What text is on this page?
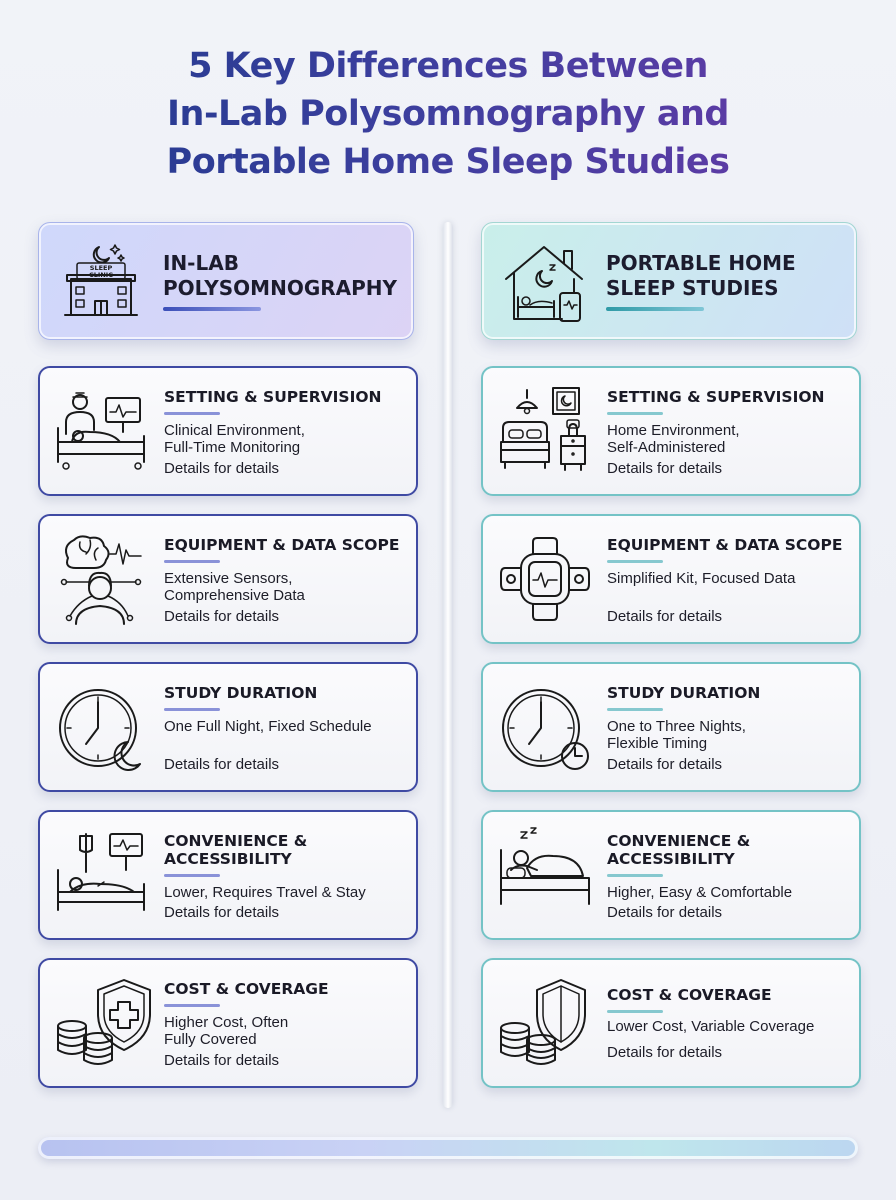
5 Key Differences Between
In-Lab Polysomnography and
Portable Home Sleep Studies
SLEEP
CLINIC	IN-LAB
POLYSOMNOGRAPHY
SETTING & SUPERVISION
Clinical Environment,
Full-Time Monitoring
Details for details
EQUIPMENT & DATA SCOPE
Extensive Sensors,
Comprehensive Data
Details for details
STUDY DURATION
One Full Night, Fixed Schedule
Details for details
CONVENIENCE &
ACCESSIBILITY
Lower, Requires Travel & Stay
Details for details
COST & COVERAGE
Higher Cost, Often
Fully Covered
Details for details
PORTABLE HOME
SLEEP STUDIES
SETTING & SUPERVISION
Home Environment,
Self-Administered
Details for details
EQUIPMENT & DATA SCOPE
Simplified Kit, Focused Data
Details for details
STUDY DURATION
One to Three Nights,
Flexible Timing
Details for details
CONVENIENCE &
ACCESSIBILITY
Higher, Easy & Comfortable
Details for details
COST & COVERAGE
Lower Cost, Variable Coverage
Details for details
